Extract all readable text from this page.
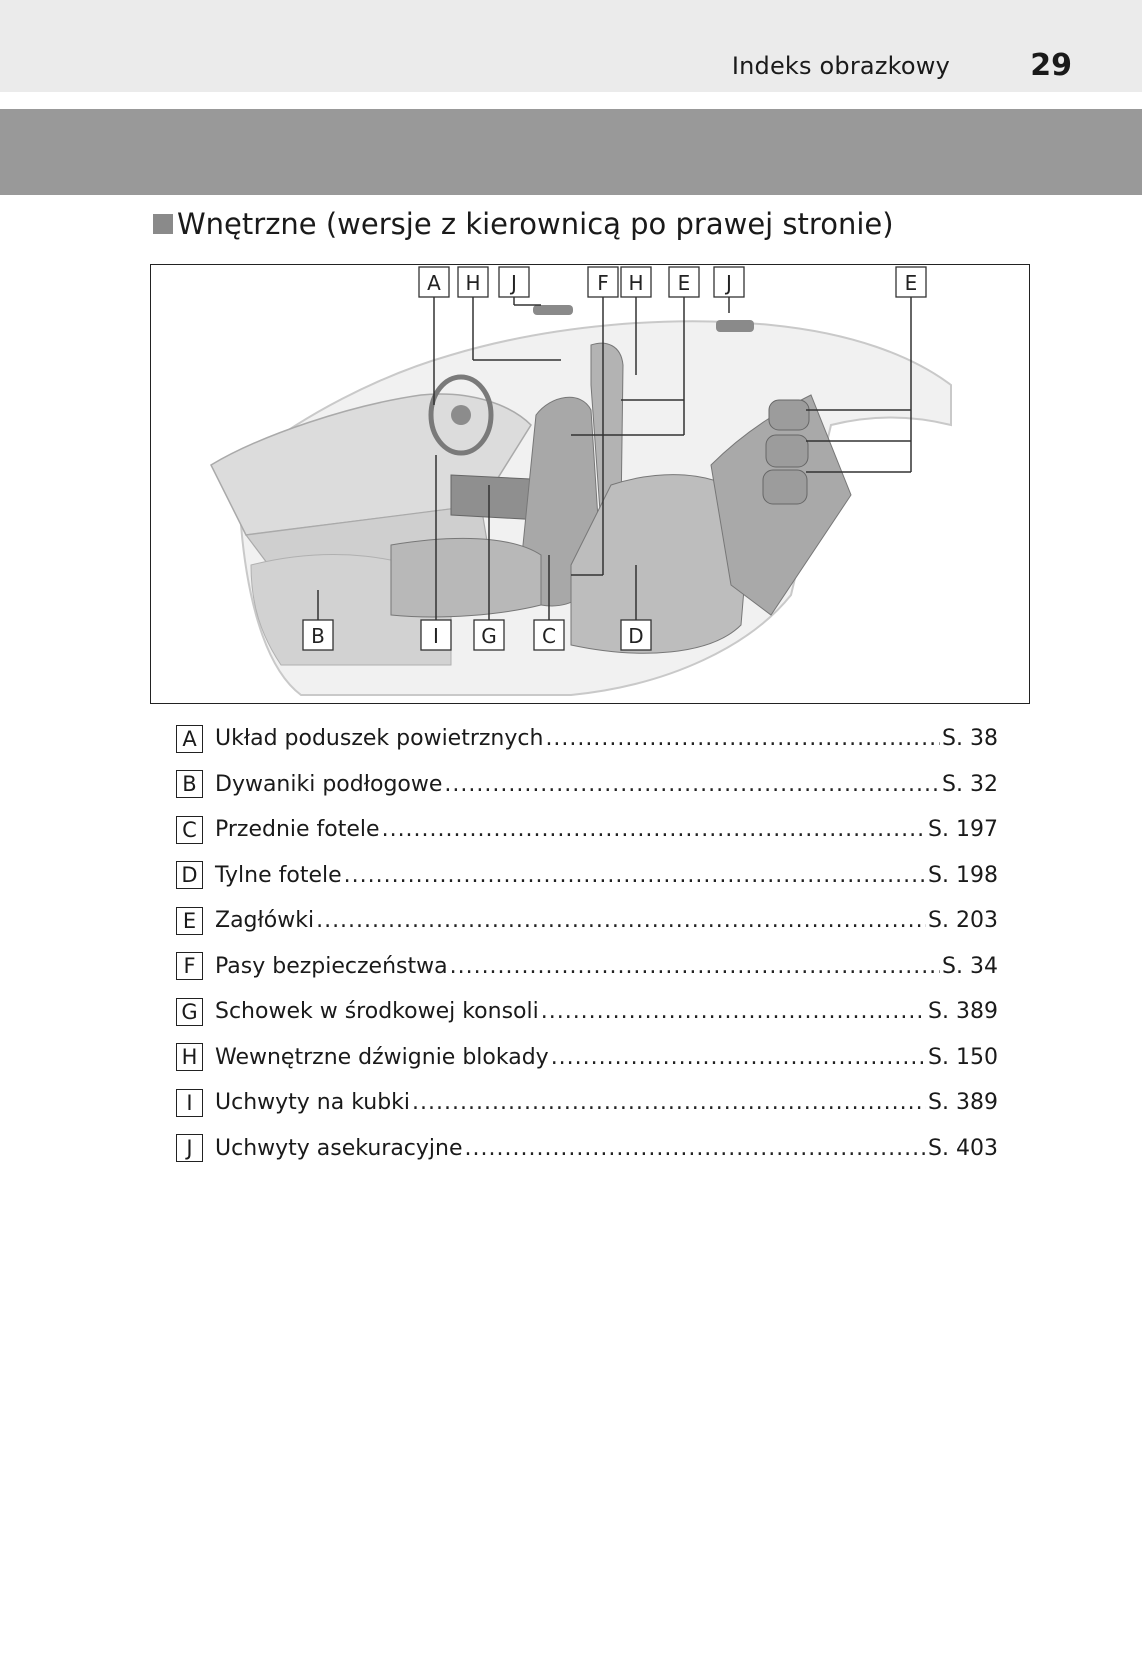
Indeks obrazkowy	29
Wnętrzne (wersje z kierownicą po prawej stronie)
A H J	F H E J	E
B	I G C	D
A Układ poduszek powietrznych .....	S. 38
B Dywaniki podłogowe .....	S. 32
C Przednie fotele .....	S. 197
D Tylne fotele .....	S. 198
E Zagłówki .....	S. 203
F Pasy bezpieczeństwa .....	S. 34
G Schowek w środkowej konsoli .....	S. 389
H Wewnętrzne dźwignie blokady .....	S. 150
I	Uchwyty na kubki .....	S. 389
J	Uchwyty asekuracyjne .....	S. 403
